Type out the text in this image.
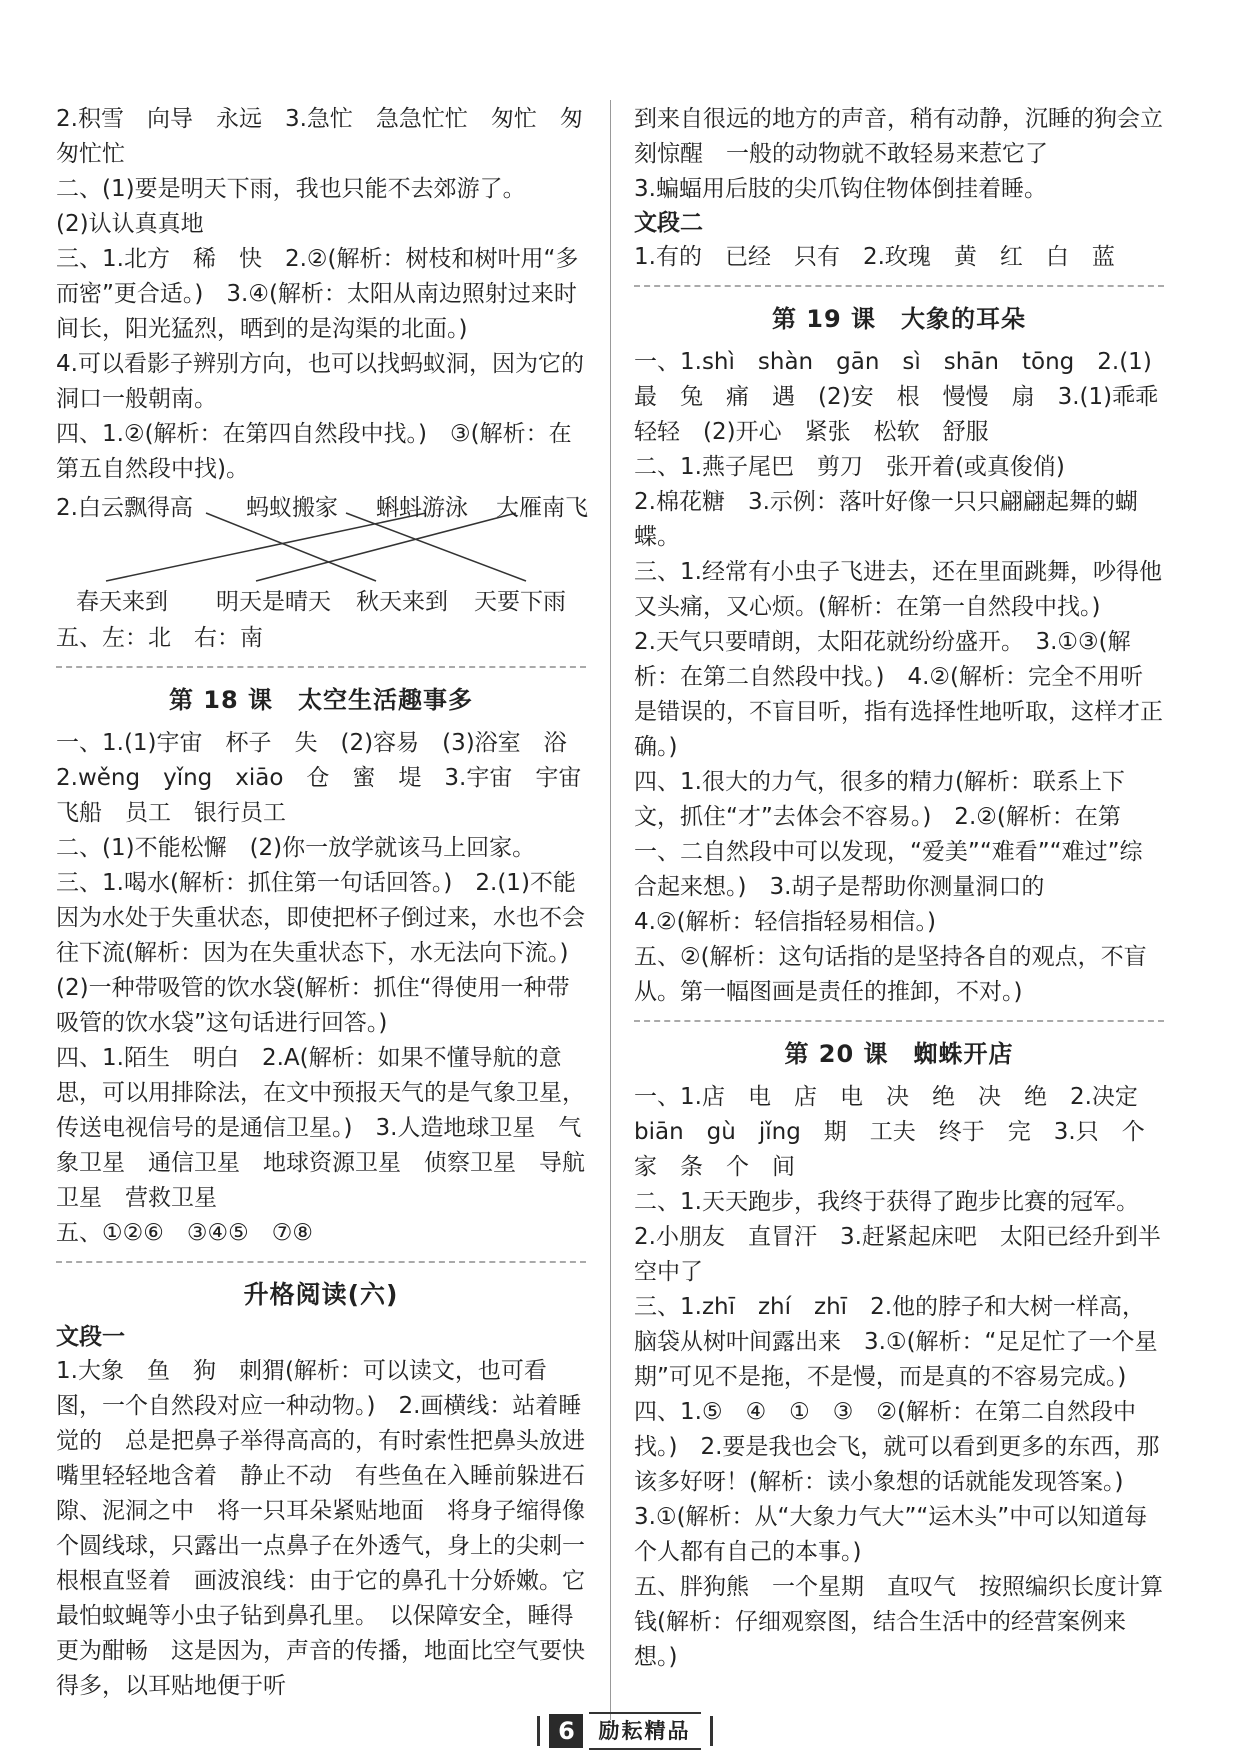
2.积雪　向导　永远　3.急忙　急急忙忙　匆忙　匆匆忙忙

二、(1)要是明天下雨，我也只能不去郊游了。

(2)认认真真地

三、1.北方　稀　快　2.②(解析：树枝和树叶用“多而密”更合适。)　3.④(解析：太阳从南边照射过来时间长，阳光猛烈，晒到的是沟渠的北面。)

4.可以看影子辨别方向，也可以找蚂蚁洞，因为它的洞口一般朝南。

四、1.②(解析：在第四自然段中找。)　③(解析：在第五自然段中找)。

2.白云飘得高 蚂蚁搬家 蝌蚪游泳 大雁南飞
春天来到 明天是晴天 秋天来到 天要下雨

五、左：北　右：南

第 18 课　太空生活趣事多

一、1.(1)宇宙　杯子　失　(2)容易　(3)浴室　浴

2.wěng　yǐng　xiāo　仓　蜜　堤　3.宇宙　宇宙飞船　员工　银行员工

二、(1)不能松懈　(2)你一放学就该马上回家。

三、1.喝水(解析：抓住第一句话回答。)　2.(1)不能　因为水处于失重状态，即使把杯子倒过来，水也不会往下流(解析：因为在失重状态下，水无法向下流。)　(2)一种带吸管的饮水袋(解析：抓住“得使用一种带吸管的饮水袋”这句话进行回答。)

四、1.陌生　明白　2.A(解析：如果不懂导航的意思，可以用排除法，在文中预报天气的是气象卫星，传送电视信号的是通信卫星。)　3.人造地球卫星　气象卫星　通信卫星　地球资源卫星　侦察卫星　导航卫星　营救卫星

五、①②⑥　③④⑤　⑦⑧

升格阅读(六)

文段一

1.大象　鱼　狗　刺猬(解析：可以读文，也可看图，一个自然段对应一种动物。)　2.画横线：站着睡觉的　总是把鼻子举得高高的，有时索性把鼻头放进嘴里轻轻地含着　静止不动　有些鱼在入睡前躲进石隙、泥洞之中　将一只耳朵紧贴地面　将身子缩得像个圆线球，只露出一点鼻子在外透气，身上的尖刺一根根直竖着　画波浪线：由于它的鼻孔十分娇嫩。它最怕蚊蝇等小虫子钻到鼻孔里。　以保障安全，睡得更为酣畅　这是因为，声音的传播，地面比空气要快得多，以耳贴地便于听

到来自很远的地方的声音，稍有动静，沉睡的狗会立刻惊醒　一般的动物就不敢轻易来惹它了

3.蝙蝠用后肢的尖爪钩住物体倒挂着睡。

文段二

1.有的　已经　只有　2.玫瑰　黄　红　白　蓝

第 19 课　大象的耳朵

一、1.shì　shàn　gān　sì　shān　tōng　2.(1)最　兔　痛　遇　(2)安　根　慢慢　扇　3.(1)乖乖　轻轻　(2)开心　紧张　松软　舒服

二、1.燕子尾巴　剪刀　张开着(或真俊俏)

2.棉花糖　3.示例：落叶好像一只只翩翩起舞的蝴蝶。

三、1.经常有小虫子飞进去，还在里面跳舞，吵得他又头痛，又心烦。(解析：在第一自然段中找。)

2.天气只要晴朗，太阳花就纷纷盛开。　3.①③(解析：在第二自然段中找。)　4.②(解析：完全不用听是错误的，不盲目听，指有选择性地听取，这样才正确。)

四、1.很大的力气，很多的精力(解析：联系上下文，抓住“才”去体会不容易。)　2.②(解析：在第一、二自然段中可以发现，“爱美”“难看”“难过”综合起来想。)　3.胡子是帮助你测量洞口的

4.②(解析：轻信指轻易相信。)

五、②(解析：这句话指的是坚持各自的观点，不盲从。第一幅图画是责任的推卸，不对。)

第 20 课　蜘蛛开店

一、1.店　电　店　电　决　绝　决　绝　2.决定　biān　gù　jǐng　期　工夫　终于　完　3.只　个　家　条　个　间

二、1.天天跑步，我终于获得了跑步比赛的冠军。

2.小朋友　直冒汗　3.赶紧起床吧　太阳已经升到半空中了

三、1.zhī　zhí　zhī　2.他的脖子和大树一样高，脑袋从树叶间露出来　3.①(解析：“足足忙了一个星期”可见不是拖，不是慢，而是真的不容易完成。)

四、1.⑤　④　①　③　②(解析：在第二自然段中找。)　2.要是我也会飞，就可以看到更多的东西，那该多好呀！(解析：读小象想的话就能发现答案。)　3.①(解析：从“大象力气大”“运木头”中可以知道每个人都有自己的本事。)

五、胖狗熊　一个星期　直叹气　按照编织长度计算钱(解析：仔细观察图，结合生活中的经营案例来想。)

6 励耘精品
